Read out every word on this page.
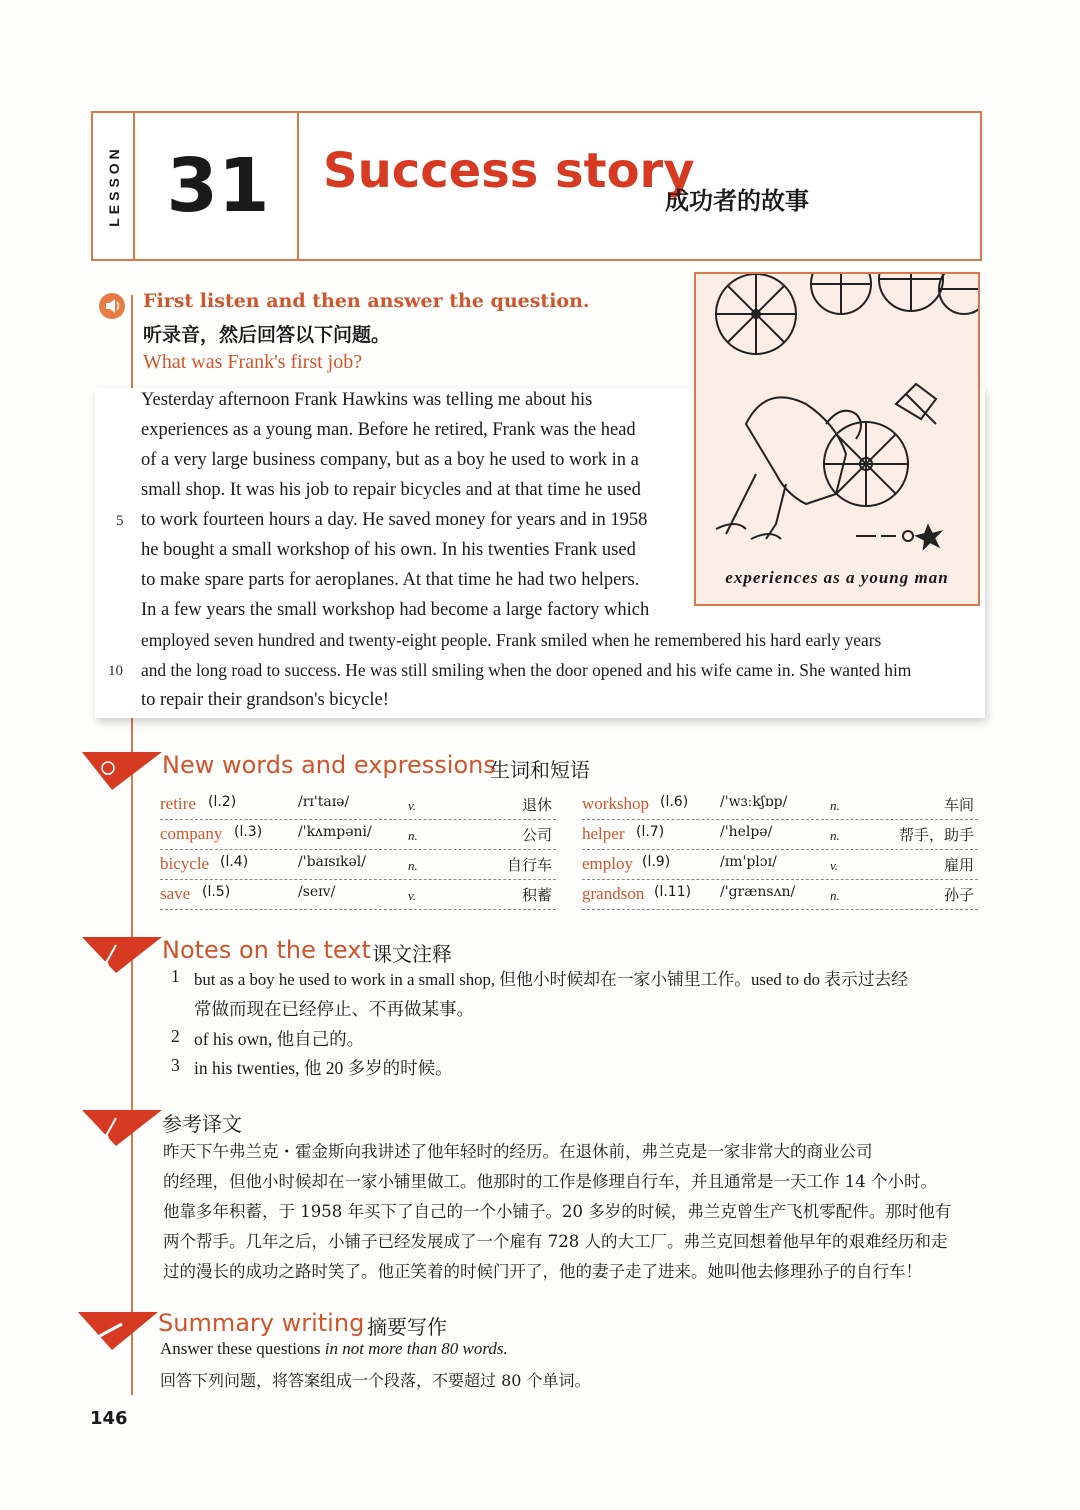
LESSON 31	Success story
成功者的故事
First listen and then answer the question.
听录音，然后回答以下问题。
What was Frank's first job?
experiences as a young man
Yesterday afternoon Frank Hawkins was telling me about his
experiences as a young man. Before he retired, Frank was the head
of a very large business company, but as a boy he used to work in a
small shop. It was his job to repair bicycles and at that time he used
to work fourteen hours a day. He saved money for years and in 1958
he bought a small workshop of his own. In his twenties Frank used
to make spare parts for aeroplanes. At that time he had two helpers.
In a few years the small workshop had become a large factory which
employed seven hundred and twenty-eight people. Frank smiled when he remembered his hard early years
and the long road to success. He was still smiling when the door opened and his wife came in. She wanted him
to repair their grandson's bicycle!
5
10
New words and expressions
生词和短语
retire (l.2)	/rɪ'taɪə/	v.	退休
company (l.3)	/'kʌmpəni/	n.	公司
bicycle (l.4)	/'baɪsɪkəl/	n.	自行车
save (l.5)	/seɪv/	v.	积蓄
workshop (l.6) /'wɜːkʃɒp/	n.	车间
helper (l.7)	/'helpə/	n.	帮手，助手
employ (l.9)	/ɪm'plɔɪ/	v.	雇用
grandson (l.11) /'grænsʌn/	n.	孙子
Notes on the text 课文注释
1 but as a boy he used to work in a small shop, 但他小时候却在一家小铺里工作。used to do 表示过去经
常做而现在已经停止、不再做某事。
2 of his own, 他自己的。
3 in his twenties, 他 20 多岁的时候。
参考译文
昨天下午弗兰克・霍金斯向我讲述了他年轻时的经历。在退休前，弗兰克是一家非常大的商业公司
的经理，但他小时候却在一家小铺里做工。他那时的工作是修理自行车，并且通常是一天工作 14 个小时。
他靠多年积蓄，于 1958 年买下了自己的一个小铺子。20 多岁的时候，弗兰克曾生产飞机零配件。那时他有
两个帮手。几年之后，小铺子已经发展成了一个雇有 728 人的大工厂。弗兰克回想着他早年的艰难经历和走
过的漫长的成功之路时笑了。他正笑着的时候门开了，他的妻子走了进来。她叫他去修理孙子的自行车！
Summary writing 摘要写作
Answer these questions in not more than 80 words.
回答下列问题，将答案组成一个段落，不要超过 80 个单词。
146
